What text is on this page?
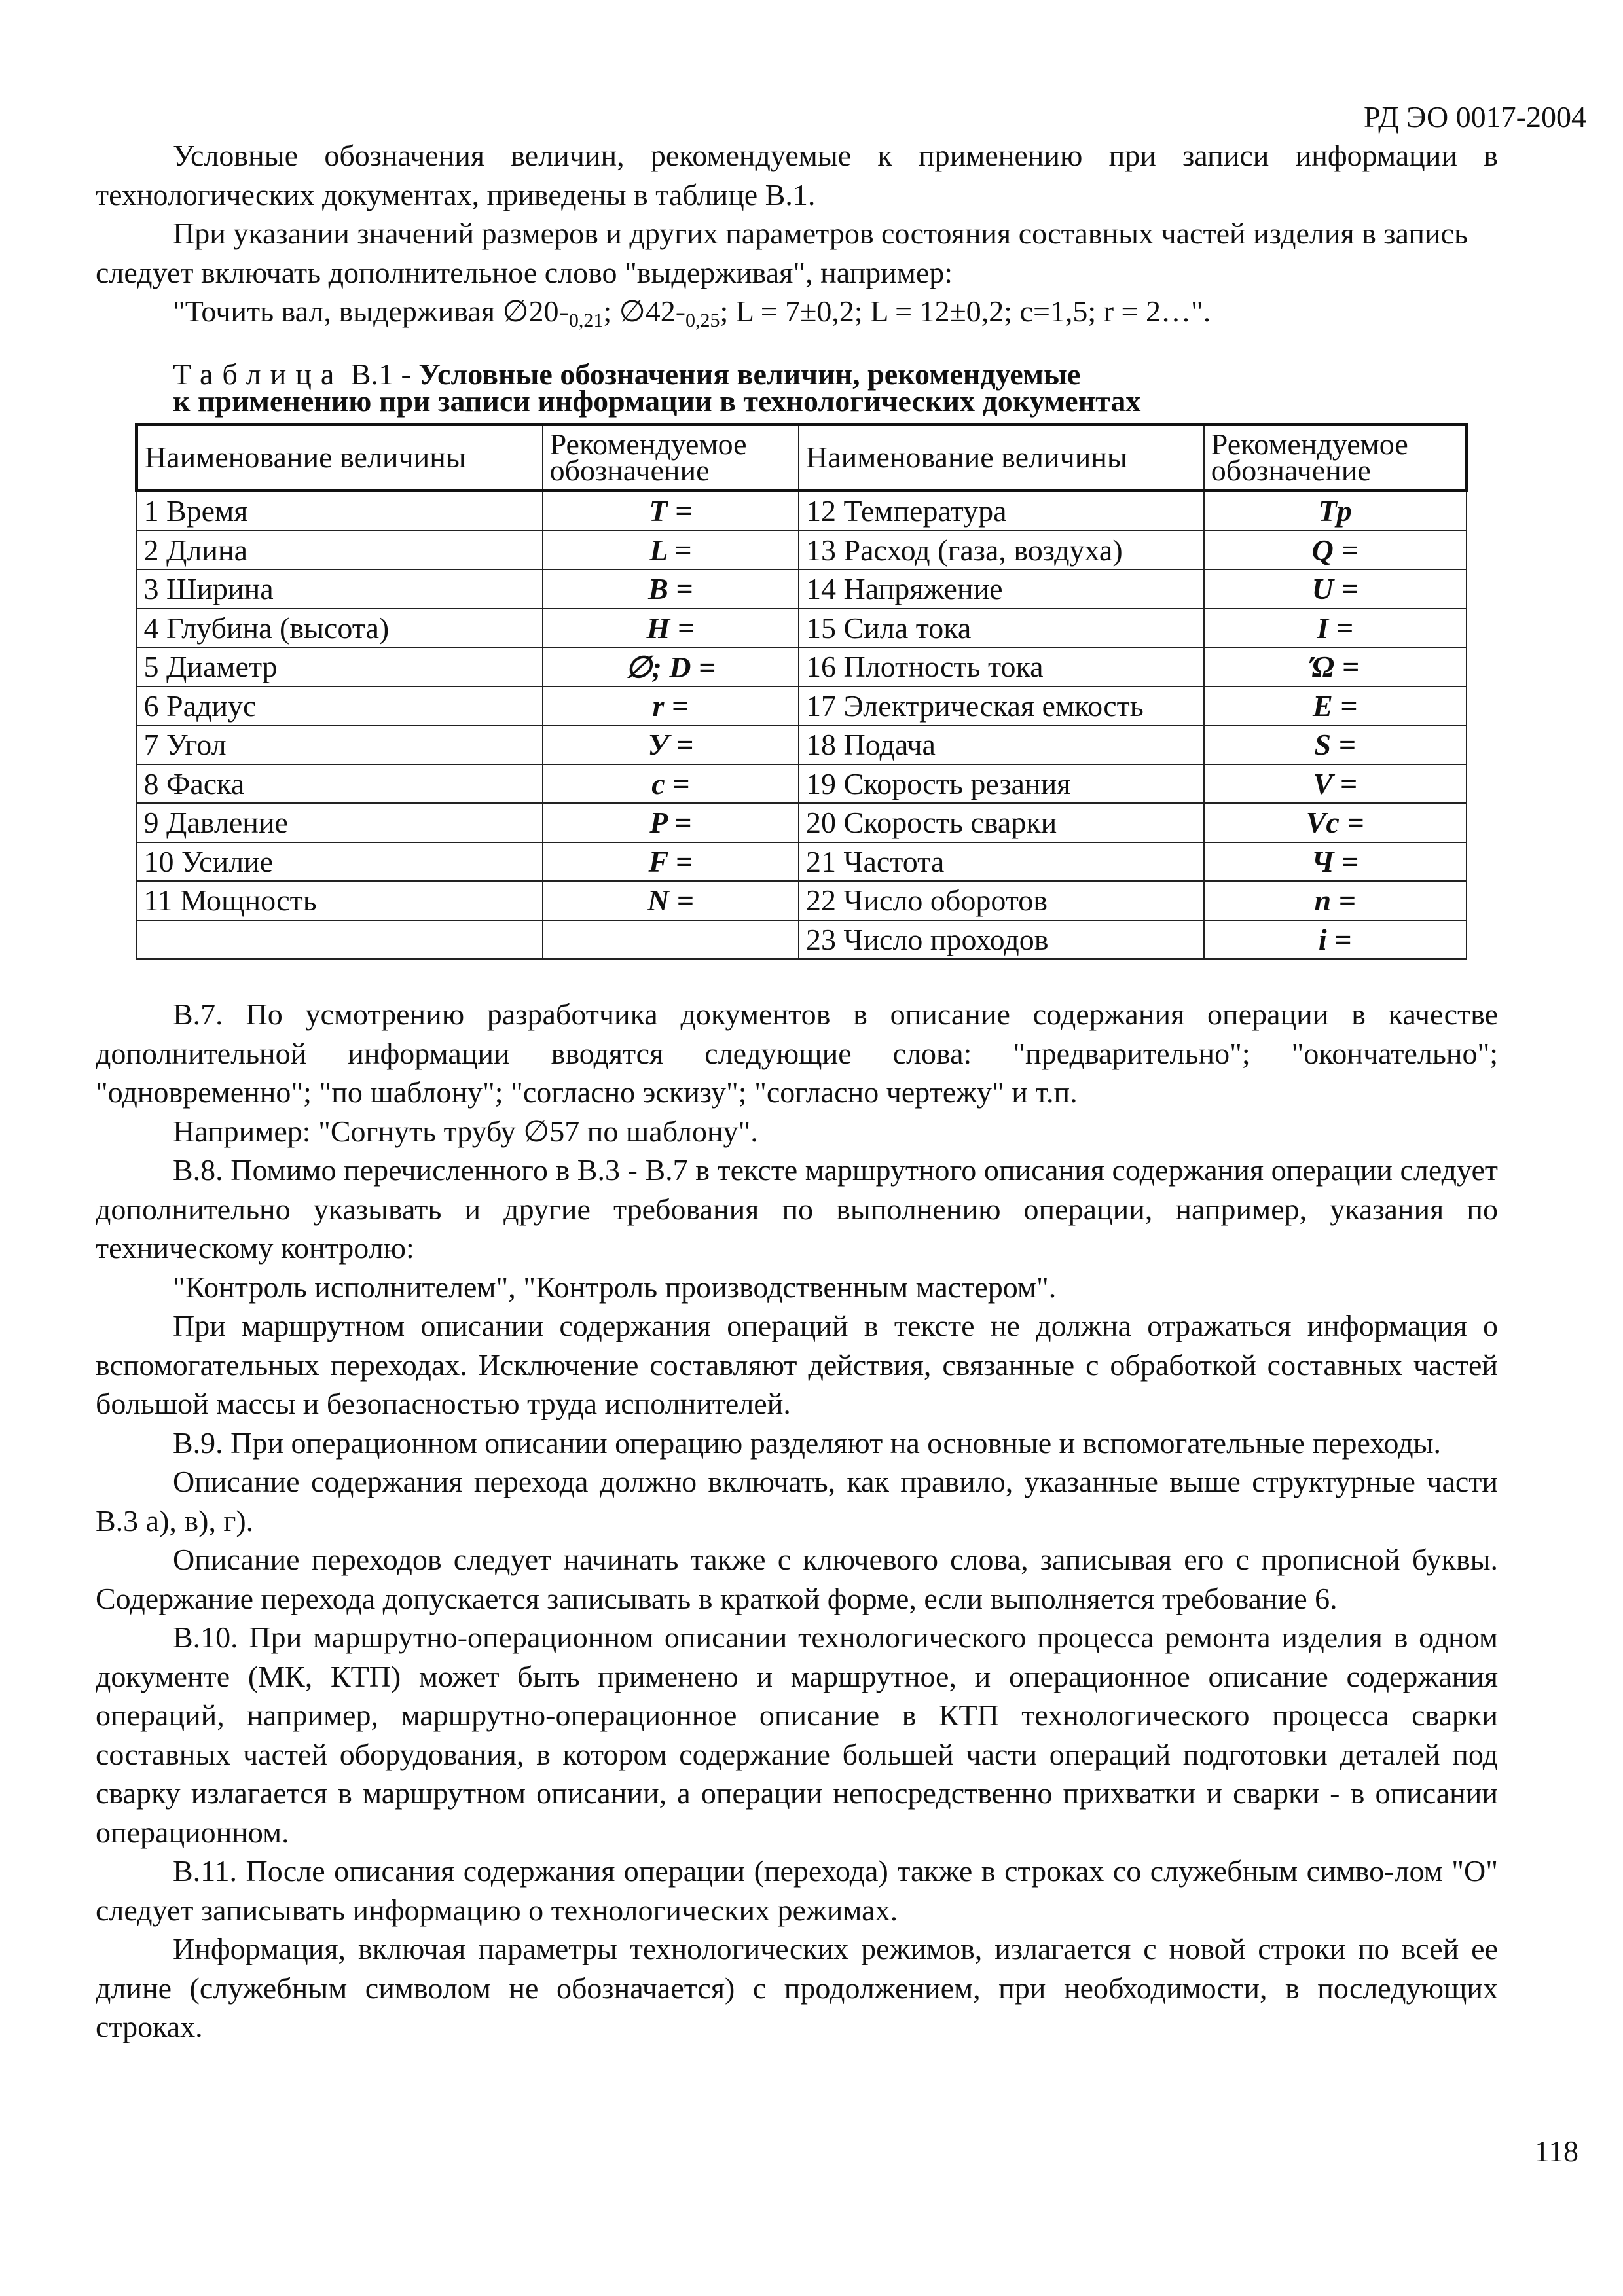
РД ЭО 0017-2004

Условные обозначения величин, рекомендуемые к применению при записи информации в технологических документах, приведены в таблице В.1.

При указании значений размеров и других параметров состояния составных частей изделия в запись следует включать дополнительное слово "выдерживая", например:

"Точить вал, выдерживая $\emptyset 20-_{0,21}$; $\emptyset 42-_{0,25}$; L = 7±0,2; L = 12±0,2; c=1,5; r = 2…".

Таблица В.1 - Условные обозначения величин, рекомендуемые
к применению при записи информации в технологических документах
Наименование величины	Рекомендуемое обозначение	Наименование величины	Рекомендуемое обозначение
1 Время	T =	12 Температура	Tp
2 Длина	L =	13 Расход (газа, воздуха)	Q =
3 Ширина	B =	14 Напряжение	U =
4 Глубина (высота)	H =	15 Сила тока	I =
5 Диаметр	∅; D =	16 Плотность тока	Ώ =
6 Радиус	r =	17 Электрическая емкость	E =
7 Угол	У =	18 Подача	S =
8 Фаска	c =	19 Скорость резания	V =
9 Давление	P =	20 Скорость сварки	Vc =
10 Усилие	F =	21 Частота	Ч =
11 Мощность	N =	22 Число оборотов	n =
		23 Число проходов	i =

В.7. По усмотрению разработчика документов в описание содержания операции в качестве дополнительной информации вводятся следующие слова: "предварительно"; "окончательно"; "одновременно"; "по шаблону"; "согласно эскизу"; "согласно чертежу" и т.п.

Например: "Согнуть трубу ∅57 по шаблону".

В.8. Помимо перечисленного в В.3 - В.7 в тексте маршрутного описания содержания операции следует дополнительно указывать и другие требования по выполнению операции, например, указания по техническому контролю:

"Контроль исполнителем", "Контроль производственным мастером".

При маршрутном описании содержания операций в тексте не должна отражаться информация о вспомогательных переходах. Исключение составляют действия, связанные с обработкой составных частей большой массы и безопасностью труда исполнителей.

В.9. При операционном описании операцию разделяют на основные и вспомогательные переходы.

Описание содержания перехода должно включать, как правило, указанные выше структурные части В.3 а), в), г).

Описание переходов следует начинать также с ключевого слова, записывая его с прописной буквы. Содержание перехода допускается записывать в краткой форме, если выполняется требование 6.

В.10. При маршрутно-операционном описании технологического процесса ремонта изделия в одном документе (МК, КТП) может быть применено и маршрутное, и операционное описание содержания операций, например, маршрутно-операционное описание в КТП технологического процесса сварки составных частей оборудования, в котором содержание большей части операций подготовки деталей под сварку излагается в маршрутном описании, а операции непосредственно прихватки и сварки - в описании операционном.

В.11. После описания содержания операции (перехода) также в строках со служебным симво-лом "О" следует записывать информацию о технологических режимах.

Информация, включая параметры технологических режимов, излагается с новой строки по всей ее длине (служебным символом не обозначается) с продолжением, при необходимости, в последующих строках.

118
